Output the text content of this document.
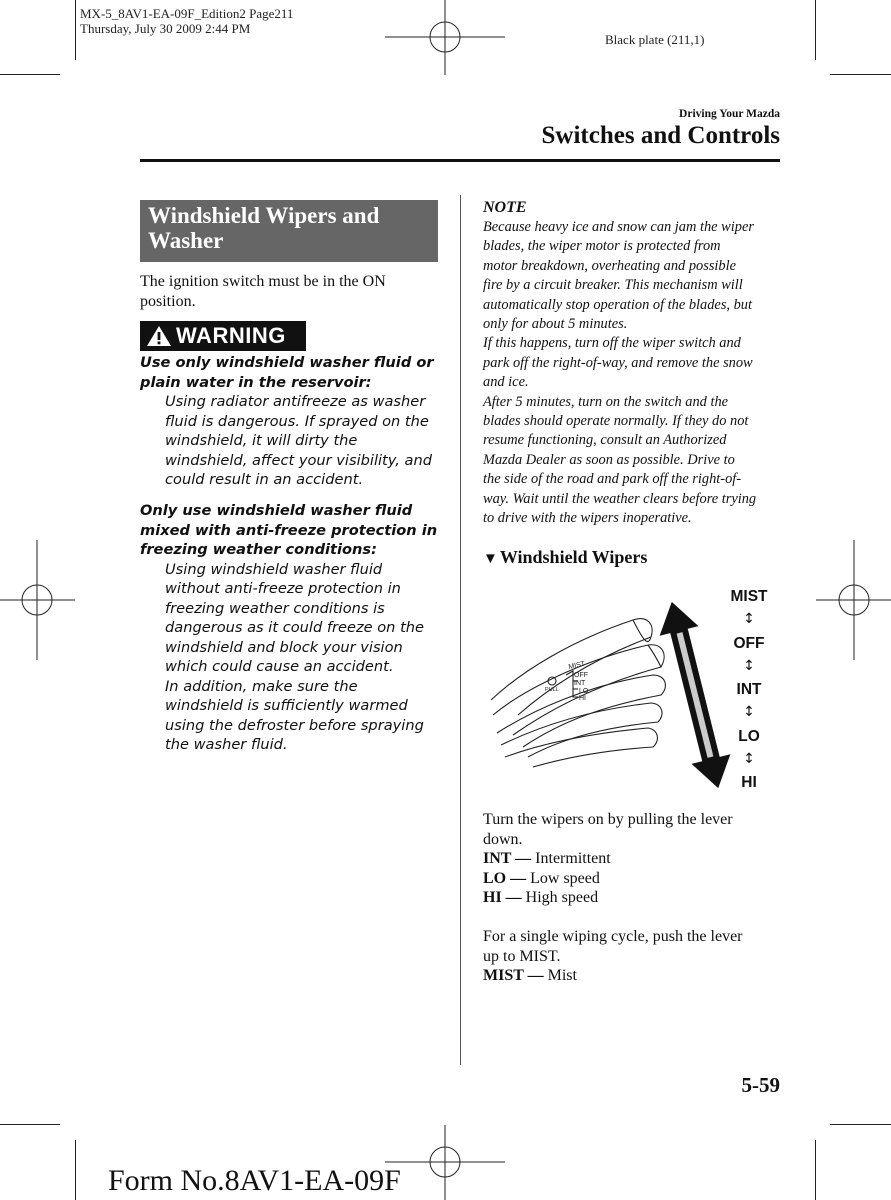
MX-5_8AV1-EA-09F_Edition2 Page211
Thursday, July 30 2009 2:44 PM
Black plate (211,1)
Driving Your Mazda
Switches and Controls
Windshield Wipers and
Washer
The ignition switch must be in the ON
position.
WARNING
Use only windshield washer fluid or
plain water in the reservoir:
Using radiator antifreeze as washer
fluid is dangerous. If sprayed on the
windshield, it will dirty the
windshield, affect your visibility, and
could result in an accident.
Only use windshield washer fluid
mixed with anti-freeze protection in
freezing weather conditions:
Using windshield washer fluid
without anti-freeze protection in
freezing weather conditions is
dangerous as it could freeze on the
windshield and block your vision
which could cause an accident.
In addition, make sure the
windshield is sufficiently warmed
using the defroster before spraying
the washer fluid.
NOTE
Because heavy ice and snow can jam the wiper
blades, the wiper motor is protected from
motor breakdown, overheating and possible
fire by a circuit breaker. This mechanism will
automatically stop operation of the blades, but
only for about 5 minutes.
If this happens, turn off the wiper switch and
park off the right-of-way, and remove the snow
and ice.
After 5 minutes, turn on the switch and the
blades should operate normally. If they do not
resume functioning, consult an Authorized
Mazda Dealer as soon as possible. Drive to
the side of the road and park off the right-of-
way. Wait until the weather clears before trying
to drive with the wipers inoperative.
▼ Windshield Wipers
MIST
OFF
INT
LO
HI
PULL
MIST
↕
OFF
↕
INT
↕
LO
↕
HI

Turn the wipers on by pulling the lever

down.

INT — Intermittent

LO — Low speed

HI — High speed

For a single wiping cycle, push the lever

up to MIST.

MIST — Mist

5-59
Form No.8AV1-EA-09F
